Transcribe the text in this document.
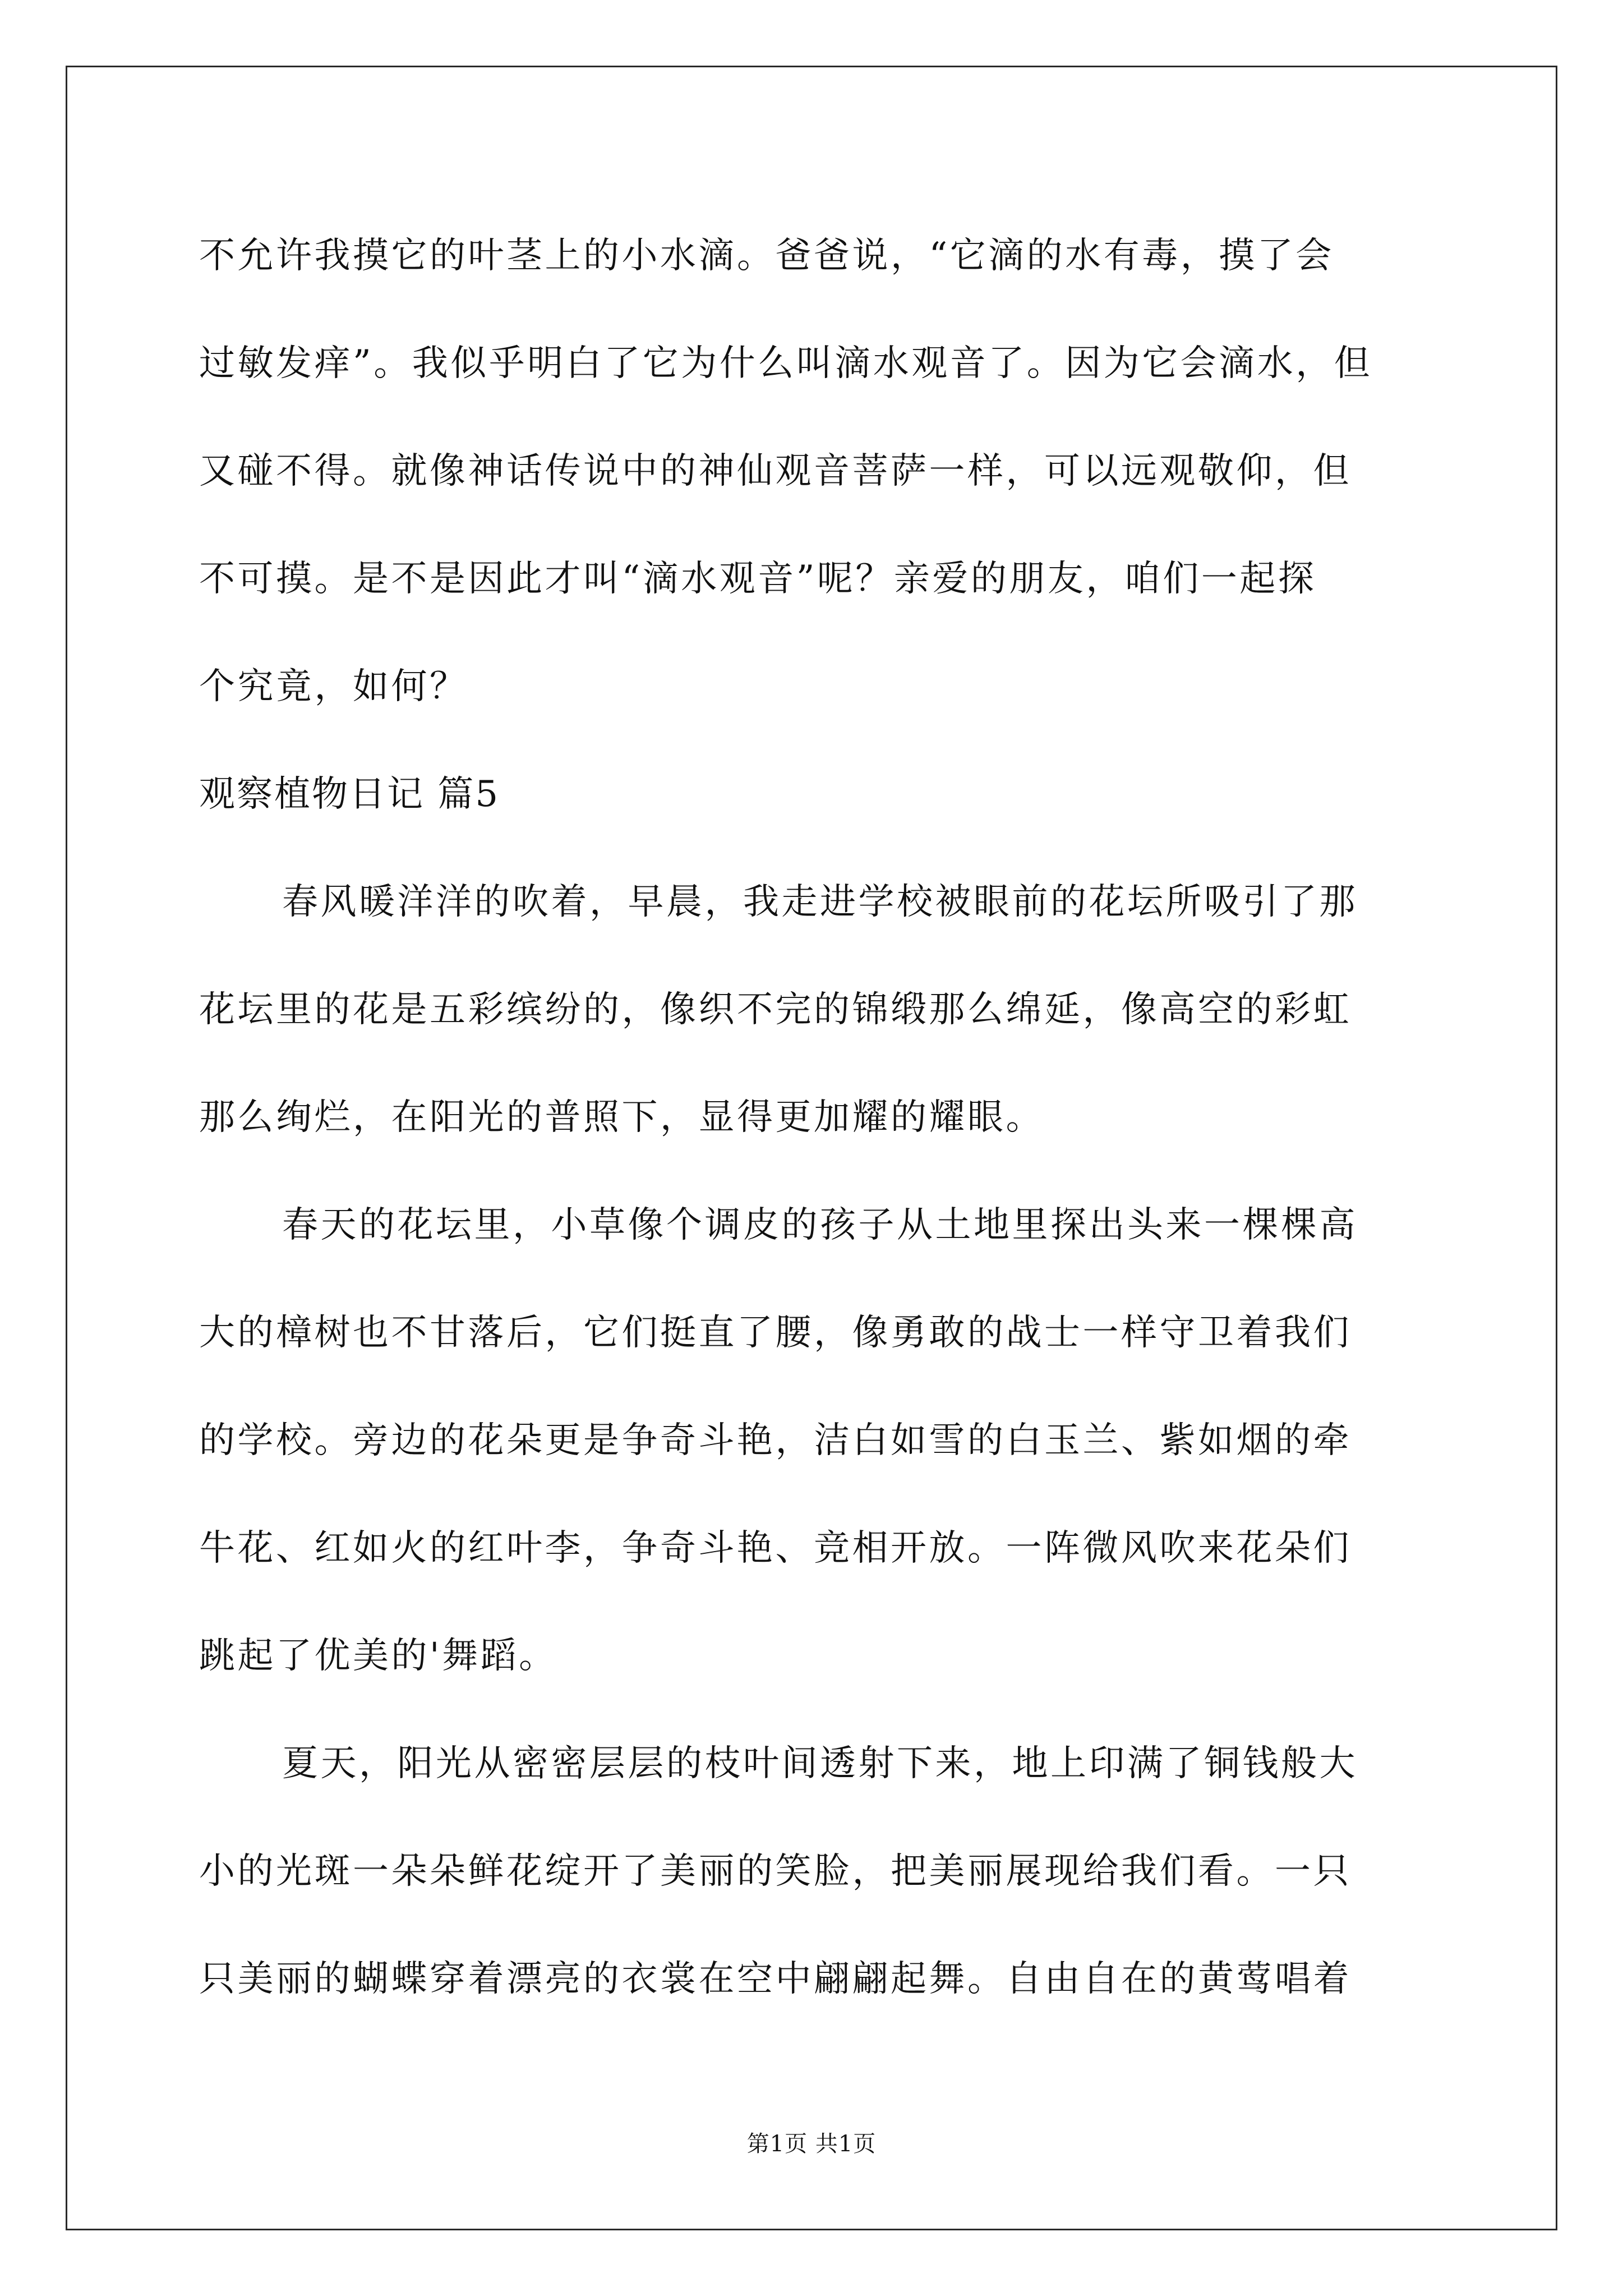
不允许我摸它的叶茎上的小水滴。爸爸说，“它滴的水有毒，摸了会
过敏发痒”。我似乎明白了它为什么叫滴水观音了。因为它会滴水，但
又碰不得。就像神话传说中的神仙观音菩萨一样，可以远观敬仰，但
不可摸。是不是因此才叫“滴水观音”呢？亲爱的朋友，咱们一起探
个究竟，如何？
观察植物日记 篇5
春风暖洋洋的吹着，早晨，我走进学校被眼前的花坛所吸引了那
花坛里的花是五彩缤纷的，像织不完的锦缎那么绵延，像高空的彩虹
那么绚烂，在阳光的普照下，显得更加耀的耀眼。
春天的花坛里，小草像个调皮的孩子从土地里探出头来一棵棵高
大的樟树也不甘落后，它们挺直了腰，像勇敢的战士一样守卫着我们
的学校。旁边的花朵更是争奇斗艳，洁白如雪的白玉兰、紫如烟的牵
牛花、红如火的红叶李，争奇斗艳、竞相开放。一阵微风吹来花朵们
跳起了优美的'舞蹈。
夏天，阳光从密密层层的枝叶间透射下来，地上印满了铜钱般大
小的光斑一朵朵鲜花绽开了美丽的笑脸，把美丽展现给我们看。一只
只美丽的蝴蝶穿着漂亮的衣裳在空中翩翩起舞。自由自在的黄莺唱着
第1页 共1页
